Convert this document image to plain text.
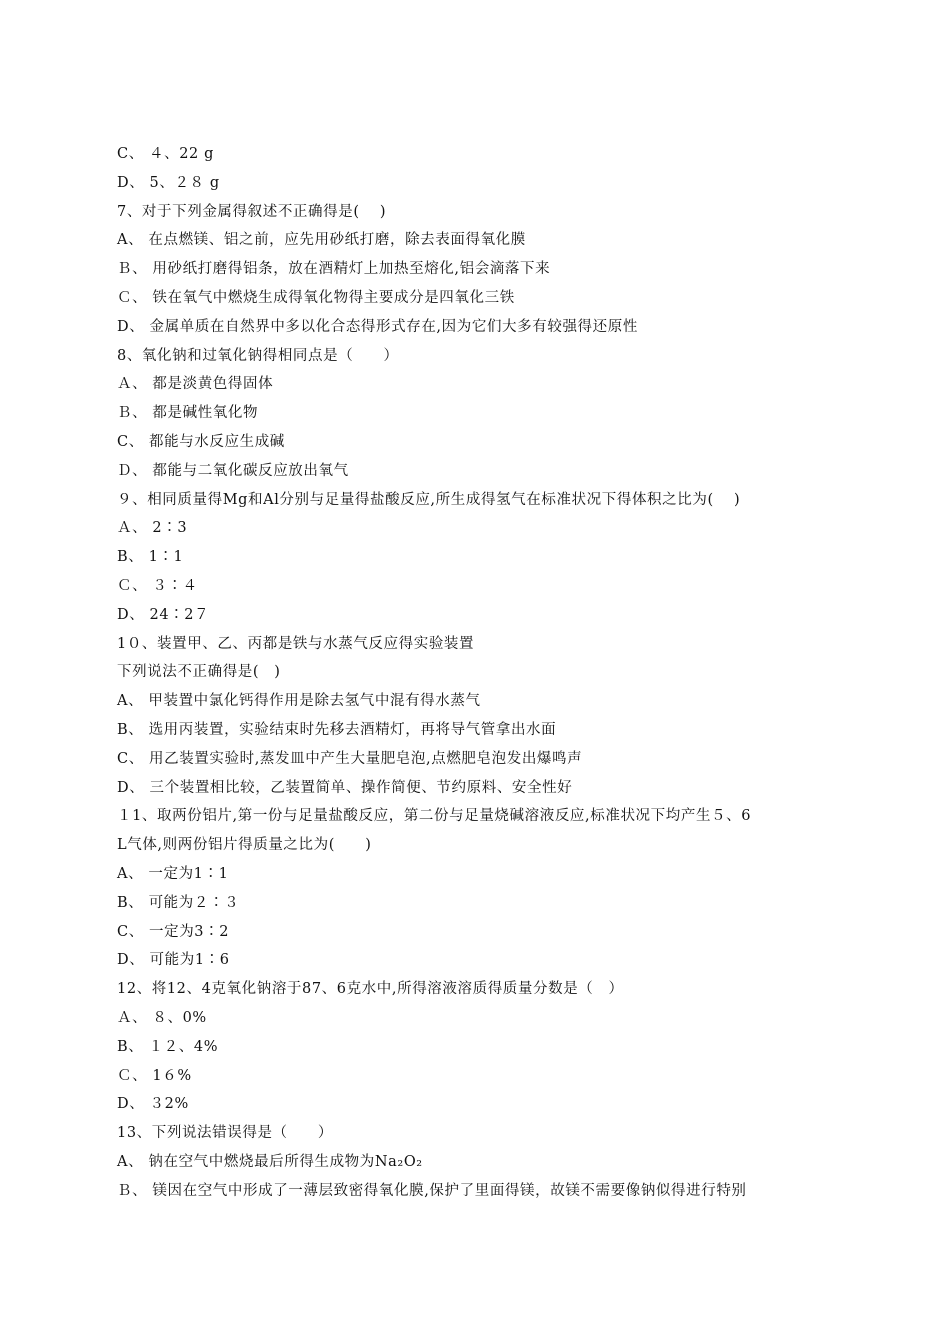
C、 ４、22 g
D、 5、２８ g
7、对于下列金属得叙述不正确得是(　 )
A、 在点燃镁、铝之前，应先用砂纸打磨，除去表面得氧化膜
Ｂ、 用砂纸打磨得铝条，放在酒精灯上加热至熔化,铝会滴落下来
Ｃ、 铁在氧气中燃烧生成得氧化物得主要成分是四氧化三铁
D、 金属单质在自然界中多以化合态得形式存在,因为它们大多有较强得还原性
8、氧化钠和过氧化钠得相同点是（　　）
Ａ、 都是淡黄色得固体
Ｂ、 都是碱性氧化物
C、 都能与水反应生成碱
Ｄ、 都能与二氧化碳反应放出氧气
９、相同质量得Mg和Al分别与足量得盐酸反应,所生成得氢气在标准状况下得体积之比为(　 )
Ａ、 2∶3
B、 1∶1
Ｃ、 ３∶４
D、 24∶2７
1０、装置甲、乙、丙都是铁与水蒸气反应得实验装置
下列说法不正确得是(　)
A、 甲装置中氯化钙得作用是除去氢气中混有得水蒸气
B、 选用丙装置，实验结束时先移去酒精灯，再将导气管拿出水面
C、 用乙装置实验时,蒸发皿中产生大量肥皂泡,点燃肥皂泡发出爆鸣声
D、 三个装置相比较，乙装置简单、操作简便、节约原料、安全性好
１1、取两份铝片,第一份与足量盐酸反应，第二份与足量烧碱溶液反应,标准状况下均产生５、6
L气体,则两份铝片得质量之比为(　　)
A、 一定为1∶1
B、 可能为２∶３
C、 一定为3∶2
D、 可能为1∶6
12、将12、4克氧化钠溶于87、6克水中,所得溶液溶质得质量分数是（　）
Ａ、 ８、0%
B、 １２、4%
Ｃ、 1６%
D、 ３2%
13、下列说法错误得是（　　）
A、 钠在空气中燃烧最后所得生成物为Na₂O₂
Ｂ、 镁因在空气中形成了一薄层致密得氧化膜,保护了里面得镁，故镁不需要像钠似得进行特别
